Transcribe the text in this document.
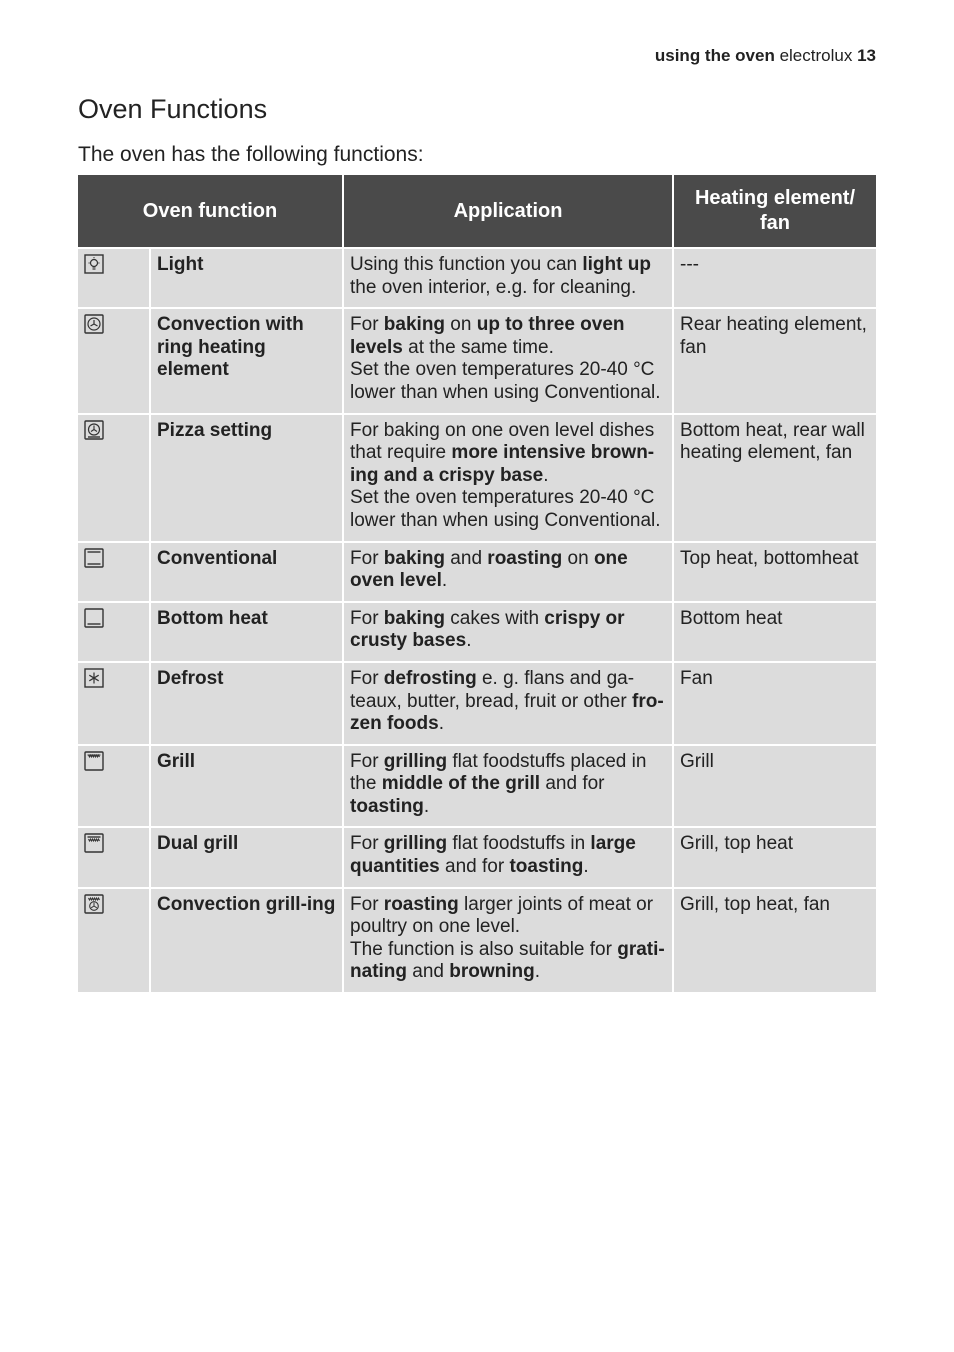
using the oven electrolux 13
Oven Functions

The oven has the following functions:

Oven function		Application	Heating element/ fan

	Light	Using this function you can light up the oven interior, e.g. for cleaning.	---

	Convection with ring heating element	For baking on up to three oven levels at the same time.
Set the oven temperatures 20-40 °C lower than when using Conventional.	Rear heating element, fan

	Pizza setting	For baking on one oven level dishes that require more intensive brown-ing and a crispy base.
Set the oven temperatures 20-40 °C lower than when using Conventional.	Bottom heat, rear wall heating element, fan

	Conventional	For baking and roasting on one oven level.	Top heat, bottomheat

	Bottom heat	For baking cakes with crispy or crusty bases.	Bottom heat

	Defrost	For defrosting e. g. flans and ga-teaux, butter, bread, fruit or other fro-zen foods.	Fan

	Grill	For grilling flat foodstuffs placed in the middle of the grill and for toasting.	Grill

	Dual grill	For grilling flat foodstuffs in large quantities and for toasting.	Grill, top heat

	Convection grill-ing	For roasting larger joints of meat or poultry on one level.
The function is also suitable for grati-nating and browning.	Grill, top heat, fan
